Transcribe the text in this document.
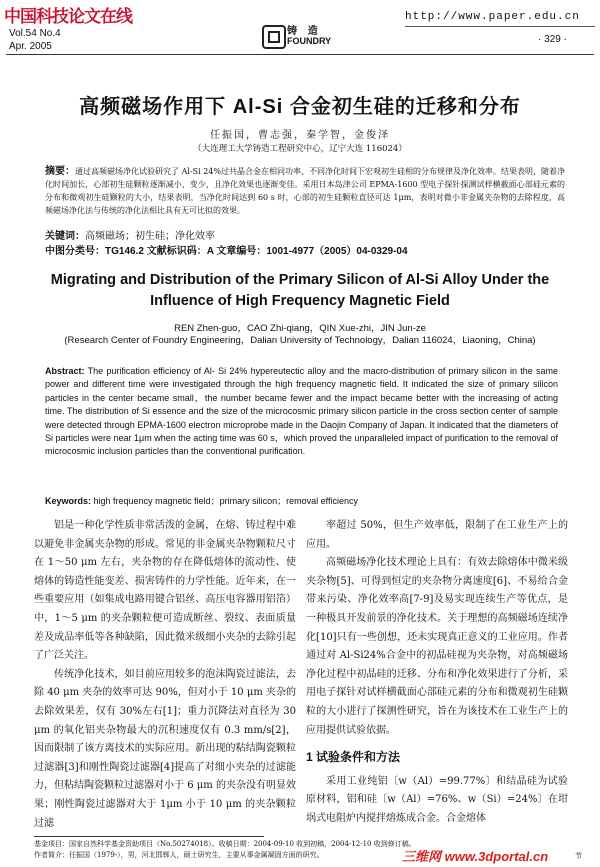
中国科技论文在线	http://www.paper.edu.cn
Vol.54 No.4
Apr. 2005
铸 造
FOUNDRY	· 329 ·
高频磁场作用下 Al-Si 合金初生硅的迁移和分布
任振国，曹志强，秦学智，金俊泽
（大连理工大学铸造工程研究中心，辽宁大连 116024）
摘要：通过高频磁场净化试验研究了 Al-Si 24%过共晶合金在相同功率、不同净化时间下宏观初生硅相的分布规律及净化效率。结果表明，随着净化时间加长，心部初生硅颗粒逐渐减小、变少，且净化效果也逐渐变佳。采用日本岛津公司 EPMA-1600 型电子探针探测试样横截面心部硅元素的分布和微观初生硅颗粒的大小，结果表明，当净化时间达到 60 s 时，心部的初生硅颗粒直径可达 1μm，表明对微小非金属夹杂物的去除程度，高频磁场净化法与传统的净化法相比具有无可比拟的效果。
关键词：高频磁场；初生硅；净化效率
中图分类号：TG146.2 文献标识码：A 文章编号：1001-4977（2005）04-0329-04
Migrating and Distribution of the Primary Silicon of Al-Si Alloy Under the Influence of High Frequency Magnetic Field
REN Zhen-guo，CAO Zhi-qiang，QIN Xue-zhi，JIN Jun-ze
(Research Center of Foundry Engineering，Dalian University of Technology，Dalian 116024，Liaoning，China)
Abstract: The purification efficiency of Al- Si 24% hypereutectic alloy and the macro-distribution of primary silicon in the same power and different time were investigated through the high frequency magnetic field. It indicated the size of primary silicon particles in the center became small，the number became fewer and the impact became better with the increasing of acting time. The distribution of Si essence and the size of the microcosmic primary silicon particle in the cross section center of sample were detected through EPMA-1600 electron microprobe made in the Daojin Company of Japan. It indicated that the diameters of Si particles were near 1μm when the acting time was 60 s，which proved the unparalleled impact of purification to the removal of microcosmic inclusion particles than the conventional purification.
Keywords: high frequency magnetic field；primary silicon；removal efficiency

铝是一种化学性质非常活泼的金属，在熔、铸过程中难以避免非金属夹杂物的形成。常见的非金属夹杂物颗粒尺寸在 1～50 μm 左右，夹杂物的存在降低熔体的流动性、使熔体的铸造性能变差、损害铸件的力学性能。近年来，在一些重要应用（如集成电路用键合铝丝、高压电容器用铝箔）中，1～5 μm 的夹杂颗粒便可造成断丝、裂纹、表面质量差及成品率低等各种缺陷，因此微米级细小夹杂的去除引起了广泛关注。

传统净化技术，如目前应用较多的泡沫陶瓷过滤法，去除 40 μm 夹杂的效率可达 90%，但对小于 10 μm 夹杂的去除效果差，仅有 30%左右[1]；重力沉降法对直径为 30 μm 的氧化铝夹杂物最大的沉积速度仅有 0.3 mm/s[2]，因而限制了该方离技术的实际应用。新出现的粘结陶瓷颗粒过滤器[3]和刚性陶瓷过滤器[4]提高了对细小夹杂的过滤能力，但粘结陶瓷颗粒过滤器对小于 6 μm 的夹杂没有明显效果；刚性陶瓷过滤器对大于 1μm 小于 10 μm 的夹杂颗粒过滤

率超过 50%，但生产效率低，限制了在工业生产上的应用。

高频磁场净化技术理论上具有：有效去除熔体中微米级夹杂物[5]、可得到恒定的夹杂物分离速度[6]、不易给合金带来污染、净化效率高[7-9]及易实现连续生产等优点，是一种极具开发前景的净化技术。关于理想的高频磁场连续净化[10]只有一些创想，还未实现真正意义的工业应用。作者通过对 Al-Si24%合金中的初晶硅视为夹杂物，对高频磁场净化过程中初晶硅的迁移、分布和净化效果进行了分析，采用电子探针对试样横截面心部硅元素的分布和微观初生硅颗粒的大小进行了探测性研究，旨在为该技术在工业生产上的应用提供试验依据。

1 试验条件和方法

采用工业纯铝〔w（Al）=99.77%〕和结晶硅为试验原材料，铝和硅〔w（Al）=76%、w（Si）=24%〕在坩埚式电阻炉内搅拌熔炼成合金。合金熔体

基金项目：国家自然科学基金资助项目（No.50274018）。收稿日期：2004-09-10 收到初稿，2004-12-10 收到修订稿。
作者简介：任振国（1979-），男，河北邯郸人，硕士研究生，主要从事金属凝固方面的研究。	三维网 www.3dportal.cn	节
